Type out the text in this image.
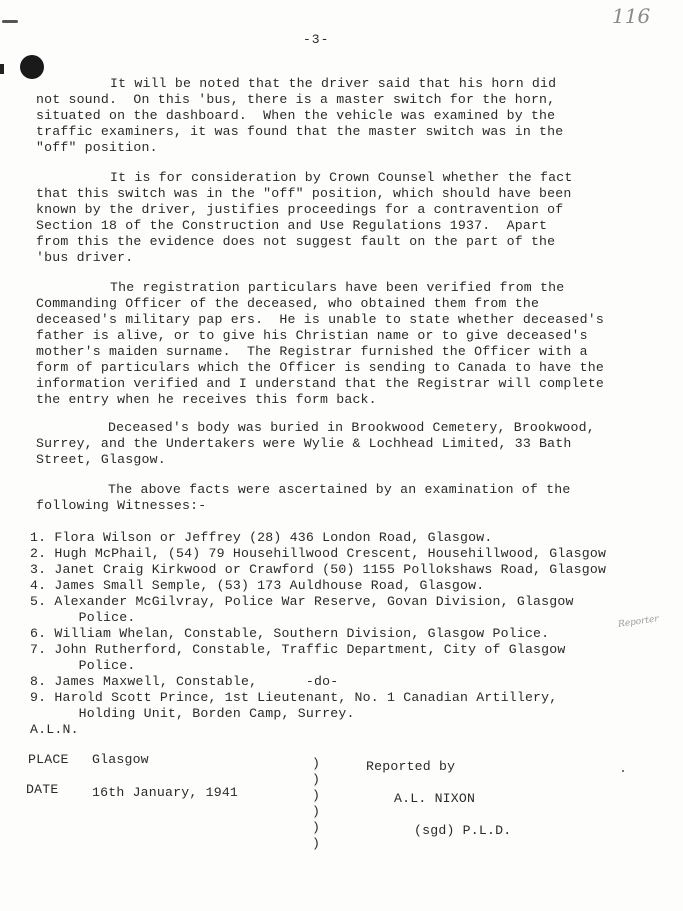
-3-
116
It will be noted that the driver said that his horn did
not sound.  On this 'bus, there is a master switch for the horn,
situated on the dashboard.  When the vehicle was examined by the
traffic examiners, it was found that the master switch was in the
"off" position.
It is for consideration by Crown Counsel whether the fact
that this switch was in the "off" position, which should have been
known by the driver, justifies proceedings for a contravention of
Section 18 of the Construction and Use Regulations 1937.  Apart
from this the evidence does not suggest fault on the part of the
'bus driver.
The registration particulars have been verified from the
Commanding Officer of the deceased, who obtained them from the
deceased's military pap ers.  He is unable to state whether deceased's
father is alive, or to give his Christian name or to give deceased's
mother's maiden surname.  The Registrar furnished the Officer with a
form of particulars which the Officer is sending to Canada to have the
information verified and I understand that the Registrar will complete
the entry when he receives this form back.
Deceased's body was buried in Brookwood Cemetery, Brookwood,
Surrey, and the Undertakers were Wylie & Lochhead Limited, 33 Bath
Street, Glasgow.
The above facts were ascertained by an examination of the
following Witnesses:-
1. Flora Wilson or Jeffrey (28) 436 London Road, Glasgow.
2. Hugh McPhail, (54) 79 Househillwood Crescent, Househillwood, Glasgow
3. Janet Craig Kirkwood or Crawford (50) 1155 Pollokshaws Road, Glasgow
4. James Small Semple, (53) 173 Auldhouse Road, Glasgow.
5. Alexander McGilvray, Police War Reserve, Govan Division, Glasgow
Police.
6. William Whelan, Constable, Southern Division, Glasgow Police.
7. John Rutherford, Constable, Traffic Department, City of Glasgow
Police.
8. James Maxwell, Constable,      -do-
9. Harold Scott Prince, 1st Lieutenant, No. 1 Canadian Artillery,
Holding Unit, Borden Camp, Surrey.
Reporter
A.L.N.
PLACE Glasgow
DATE	16th January, 1941
)
)
)
)
)
)
Reported by
A.L. NIXON
(sgd) P.L.D.
